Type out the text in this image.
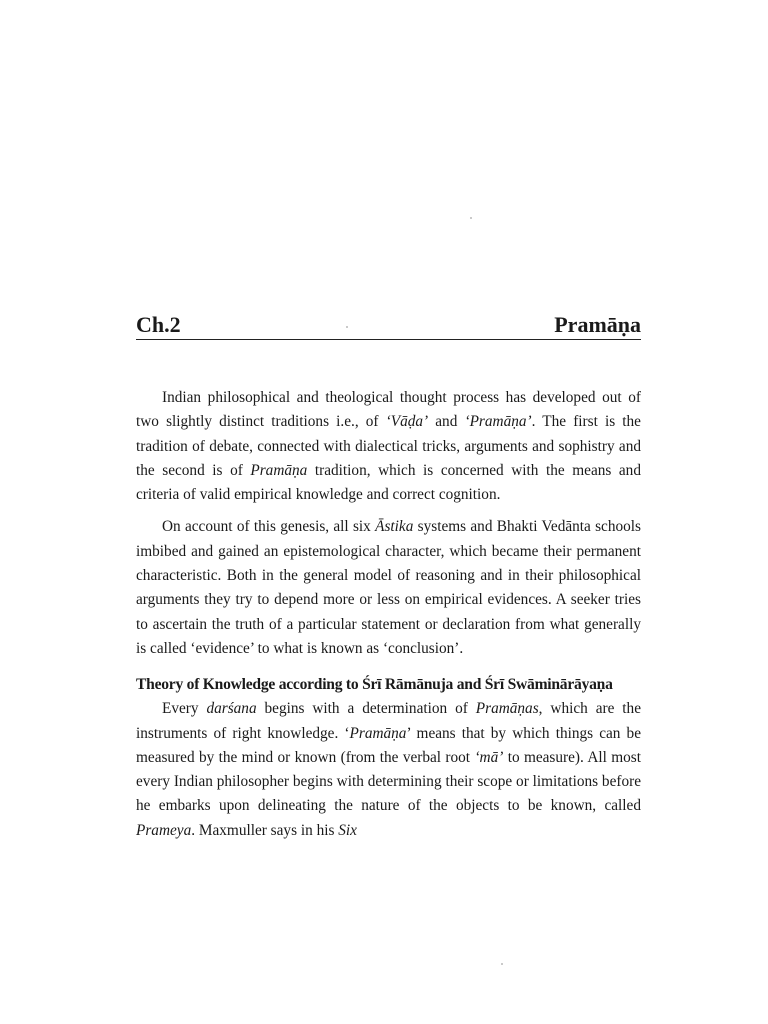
Ch.2	Pramāṇa

Indian philosophical and theological thought process has developed out of two slightly distinct traditions i.e., of ‘Vāḍa’ and ‘Pramāṇa’. The first is the tradition of debate, connected with dialectical tricks, arguments and sophistry and the second is of Pramāṇa tradition, which is concerned with the means and criteria of valid empirical knowledge and correct cognition.

On account of this genesis, all six Āstika systems and Bhakti Vedānta schools imbibed and gained an epistemological character, which became their permanent characteristic. Both in the general model of reasoning and in their philosophical arguments they try to depend more or less on empirical evidences. A seeker tries to ascertain the truth of a particular statement or declaration from what generally is called ‘evidence’ to what is known as ‘conclusion’.

Theory of Knowledge according to Śrī Rāmānuja and Śrī Swāminārāyaṇa

Every darśana begins with a determination of Pramāṇas, which are the instruments of right knowledge. ‘Pramāṇa’ means that by which things can be measured by the mind or known (from the verbal root ‘mā’ to measure). All most every Indian philosopher begins with determining their scope or limitations before he embarks upon delineating the nature of the objects to be known, called Prameya. Maxmuller says in his Six
